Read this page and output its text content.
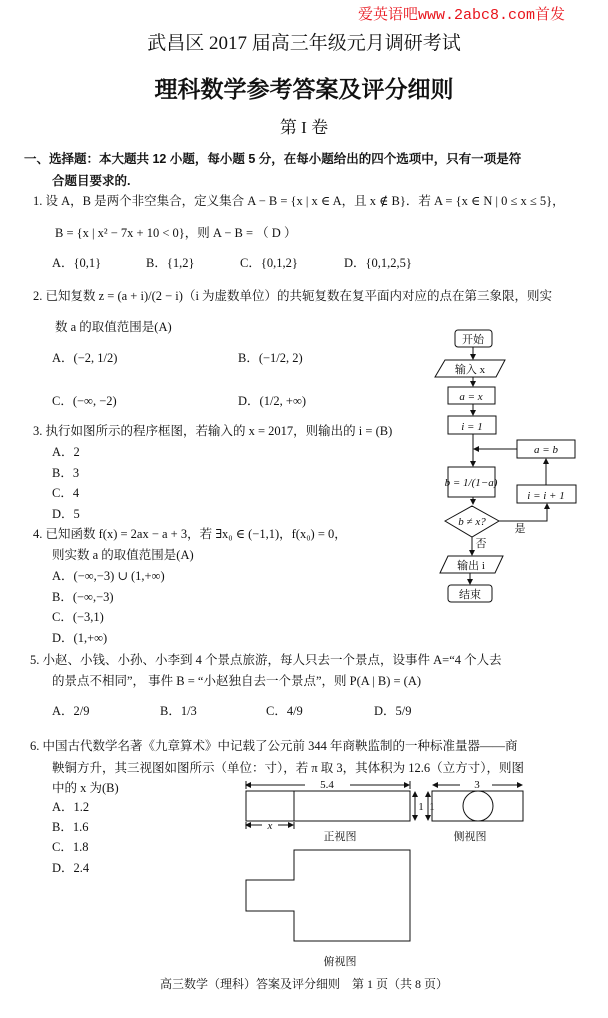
爱英语吧www.2abc8.com首发
武昌区 2017 届高三年级元月调研考试
理科数学参考答案及评分细则
第 I 卷
一、选择题：本大题共 12 小题，每小题 5 分，在每小题给出的四个选项中，只有一项是符
合题目要求的.
1. 设 A，B 是两个非空集合，定义集合 A − B = {x | x ∈ A，且 x ∉ B}．若 A = {x ∈ N | 0 ≤ x ≤ 5}，
B = {x | x² − 7x + 10 < 0}，则 A − B = （ D ）
A．{0,1}	B．{1,2}	C．{0,1,2}	D．{0,1,2,5}
2. 已知复数 z = (a + i)/(2 − i)（i 为虚数单位）的共轭复数在复平面内对应的点在第三象限，则实
数 a 的取值范围是(A)
A．(−2, 1/2)	B．(−1/2, 2)
C．(−∞, −2)	D．(1/2, +∞)
3. 执行如图所示的程序框图，若输入的 x = 2017，则输出的 i = (B)
A．2
B．3
C．4
D．5
4. 已知函数 f(x) = 2ax − a + 3，若 ∃x₀ ∈ (−1,1)，f(x₀) = 0，
则实数 a 的取值范围是(A)
A．(−∞,−3) ∪ (1,+∞)
B．(−∞,−3)
C．(−3,1)
D．(1,+∞)
5. 小赵、小钱、小孙、小李到 4 个景点旅游，每人只去一个景点，设事件 A=“4 个人去
的景点不相同”， 事件 B = “小赵独自去一个景点”，则 P(A | B) = (A)
A．2/9	B．1/3	C．4/9	D．5/9
6. 中国古代数学名著《九章算术》中记载了公元前 344 年商鞅监制的一种标准量器——商
鞅铜方升，其三视图如图所示（单位：寸），若 π 取 3，其体积为 12.6（立方寸），则图
中的 x 为(B)
A．1.2
B．1.6
C．1.8
D．2.4
开始
输入 x
a = x
i = 1
b = 1/(1−a)
b ≠ x?
是
否
i = i + 1
a = b
输出 i
结束
5.4	3
1 1
x
正视图	侧视图
俯视图
高三数学（理科）答案及评分细则　第 1 页（共 8 页）
